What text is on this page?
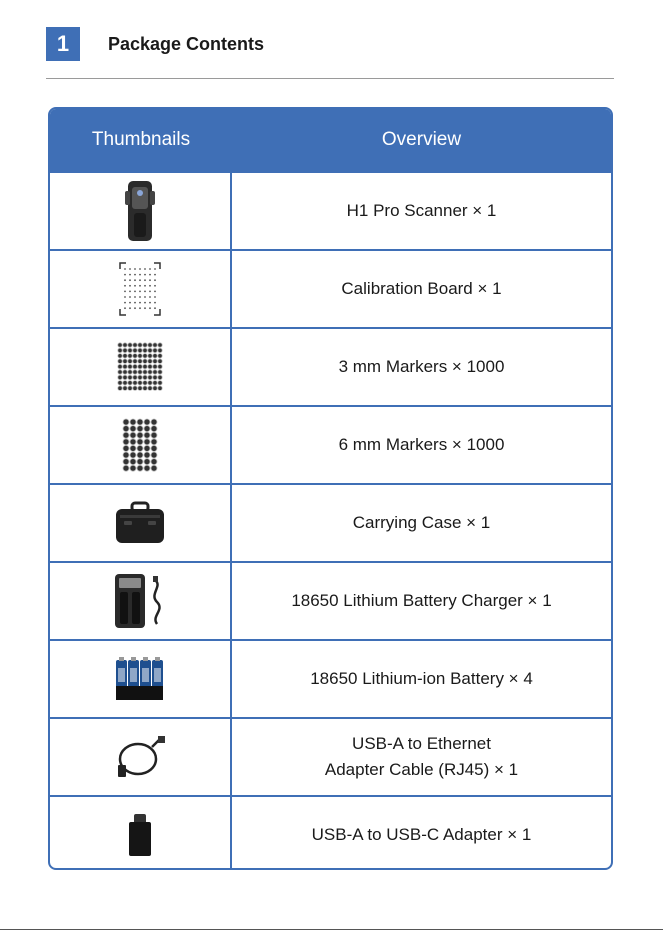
1	Package Contents
Thumbnails	Overview
H1 Pro Scanner × 1
Calibration Board × 1
3 mm Markers × 1000
6 mm Markers × 1000
Carrying Case × 1
18650 Lithium Battery Charger × 1
18650 Lithium-ion Battery × 4
USB-A to Ethernet
Adapter Cable (RJ45) × 1
USB-A to USB-C Adapter × 1
